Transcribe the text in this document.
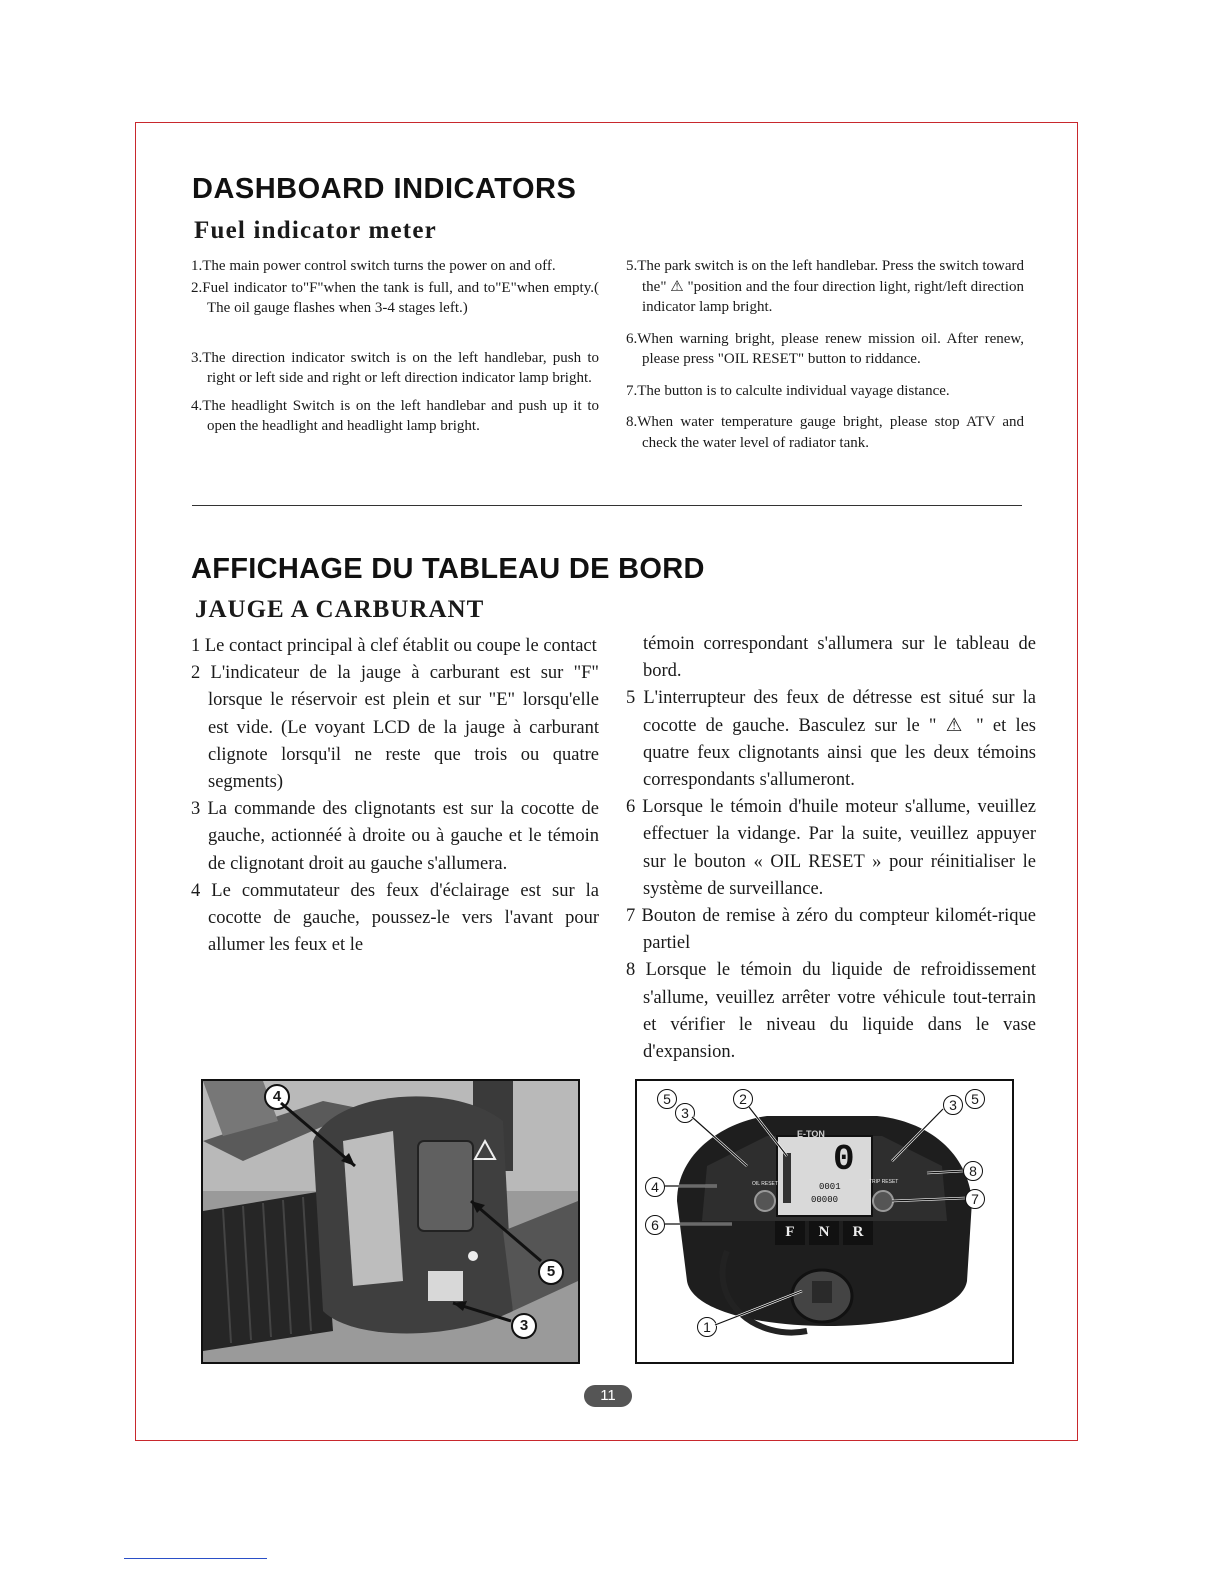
DASHBOARD INDICATORS
Fuel indicator meter

1.The main power control switch turns the power on and off.

2.Fuel indicator to"F"when the tank is full, and to"E"when empty.( The oil gauge flashes when 3-4 stages left.)

3.The direction indicator switch is on the left handlebar, push to right or left side and right or left direction indicator lamp bright.

4.The headlight Switch is on the left handlebar and push up it to open the headlight and headlight lamp bright.

5.The park switch is on the left handlebar. Press the switch toward the" ⚠ "position and the four direction light, right/left direction indicator lamp bright.

6.When warning bright, please renew mission oil. After renew, please press "OIL RESET" button to riddance.

7.The button is to calculte individual vayage distance.

8.When water temperature gauge bright, please stop ATV and check the water level of radiator tank.

AFFICHAGE DU TABLEAU DE BORD
JAUGE A CARBURANT

1 Le contact principal à clef établit ou coupe le contact

2 L'indicateur de la jauge à carburant est sur "F" lorsque le réservoir est plein et sur "E" lorsqu'elle est vide. (Le voyant LCD de la jauge à carburant clignote lorsqu'il ne reste que trois ou quatre segments)

3 La commande des clignotants est sur la cocotte de gauche, actionnéé à droite ou à gauche et le témoin de clignotant droit au gauche s'allumera.

4 Le commutateur des feux d'éclairage est sur la cocotte de gauche, poussez-le vers l'avant pour allumer les feux et le

témoin correspondant s'allumera sur le tableau de bord.

5 L'interrupteur des feux de détresse est situé sur la cocotte de gauche. Basculez sur le " ⚠ " et les quatre feux clignotants ainsi que les deux témoins correspondants s'allumeront.

6 Lorsque le témoin d'huile moteur s'allume, veuillez effectuer la vidange. Par la suite, veuillez appuyer sur le bouton « OIL RESET » pour réinitialiser le système de surveillance.

7 Bouton de remise à zéro du compteur kilomét-rique partiel

8 Lorsque le témoin du liquide de refroidissement s'allume, veuillez arrêter votre véhicule tout-terrain et vérifier le niveau du liquide dans le vase d'expansion.

4
5
3
E-TON
0
0001
00000
OIL RESET	TRIP RESET
F	N	R
5
3
2	3	5
4
8
6
7
1
11
